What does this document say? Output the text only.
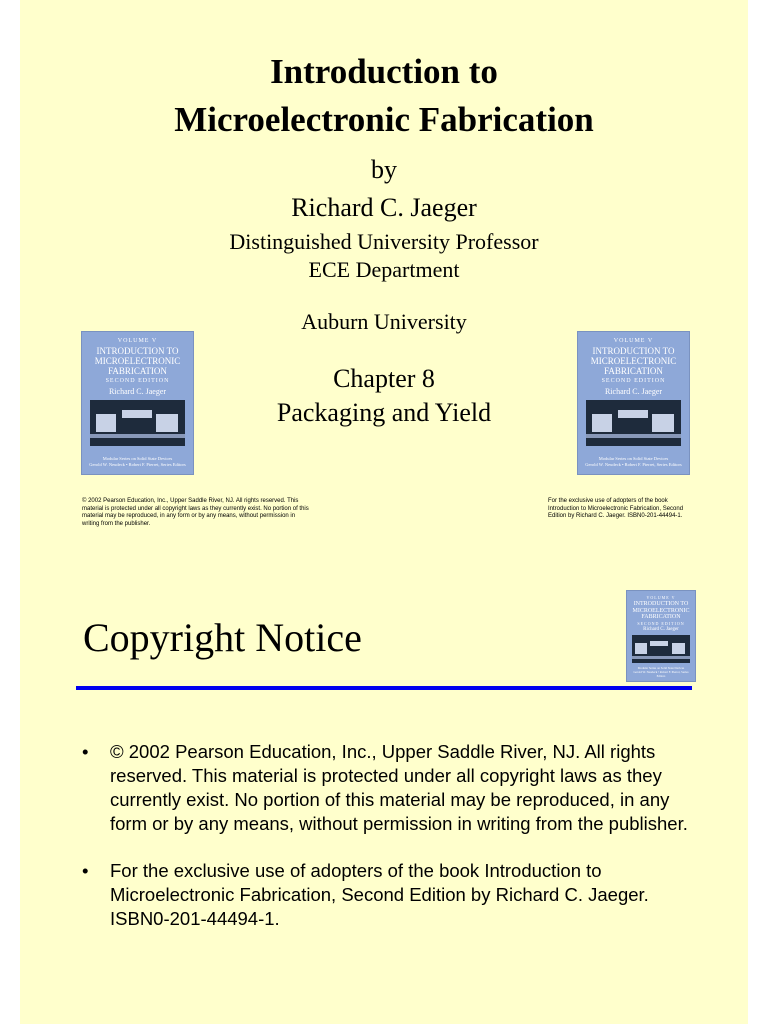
Introduction to
Microelectronic Fabrication
by
Richard C. Jaeger
Distinguished University Professor
ECE Department
Auburn University
Chapter 8
Packaging and Yield
VOLUME V
INTRODUCTION TO
MICROELECTRONIC
FABRICATION
SECOND EDITION
Richard C. Jaeger
Modular Series on Solid State Devices
Gerold W. Neudeck • Robert F. Pierret, Series Editors
VOLUME V
INTRODUCTION TO
MICROELECTRONIC
FABRICATION
SECOND EDITION
Richard C. Jaeger
Modular Series on Solid State Devices
Gerold W. Neudeck • Robert F. Pierret, Series Editors
© 2002 Pearson Education, Inc., Upper Saddle River, NJ. All rights reserved. This material is protected under all copyright laws as they currently exist. No portion of this material may be reproduced, in any form or by any means, without permission in writing from the publisher.
For the exclusive use of adopters of the book Introduction to Microelectronic Fabrication, Second Edition by Richard C. Jaeger. ISBN0-201-44494-1.
VOLUME V
INTRODUCTION TO
MICROELECTRONIC
FABRICATION
SECOND EDITION
Richard C. Jaeger
Modular Series on Solid State Devices
Gerold W. Neudeck • Robert F. Pierret, Series Editors
Copyright Notice
• © 2002 Pearson Education, Inc., Upper Saddle River, NJ. All rights reserved. This material is protected under all copyright laws as they currently exist. No portion of this material may be reproduced, in any form or by any means, without permission in writing from the publisher.
• For the exclusive use of adopters of the book Introduction to Microelectronic Fabrication, Second Edition by Richard C. Jaeger. ISBN0-201-44494-1.
